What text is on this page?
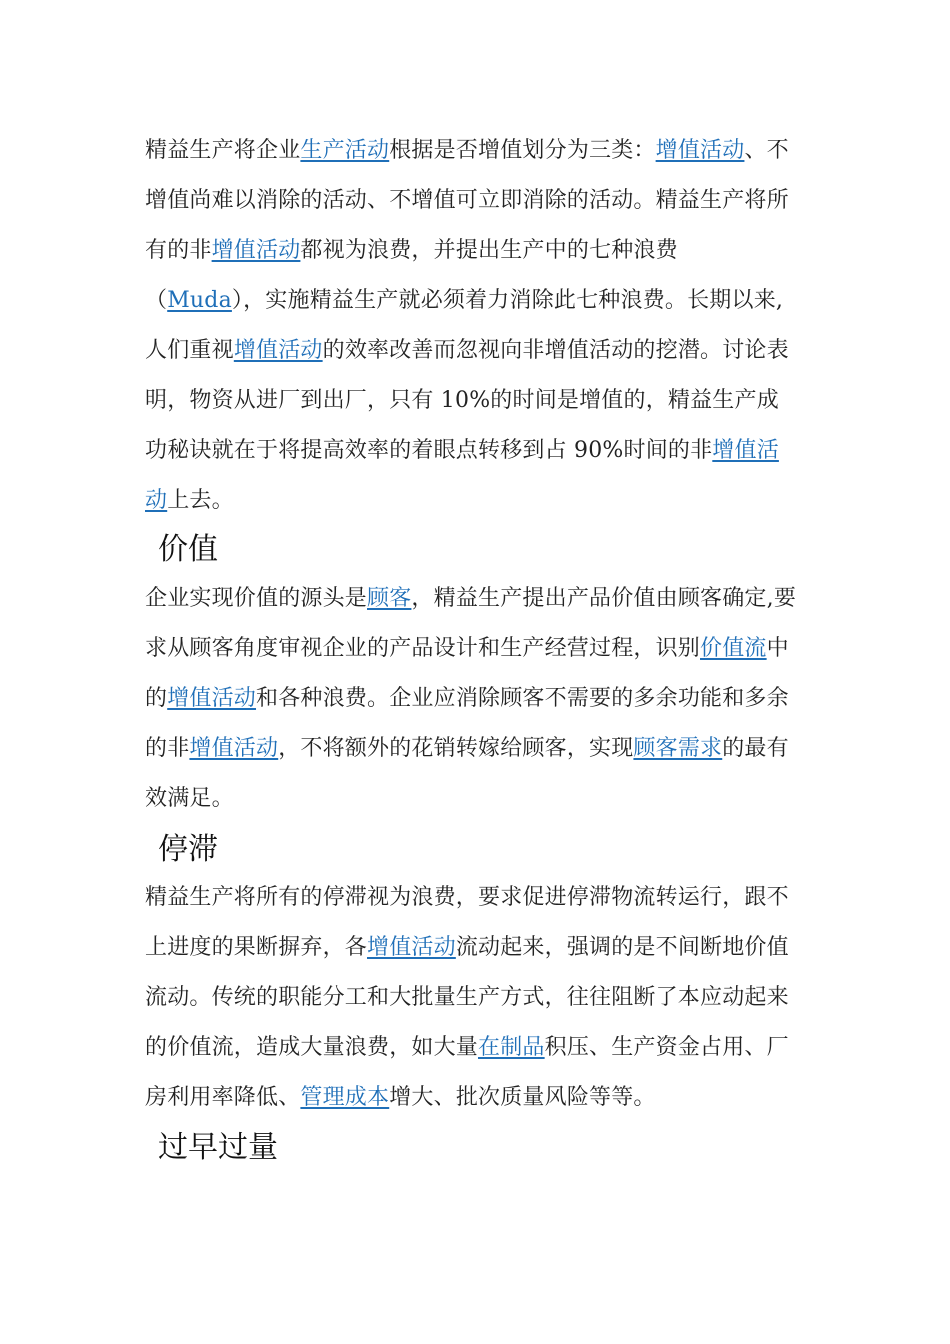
精益生产将企业生产活动根据是否增值划分为三类：增值活动、不增值尚难以消除的活动、不增值可立即消除的活动。精益生产将所有的非增值活动都视为浪费，并提出生产中的七种浪费
（Muda），实施精益生产就必须着力消除此七种浪费。长期以来,人们重视增值活动的效率改善而忽视向非增值活动的挖潜。讨论表明，物资从进厂到出厂，只有 10%的时间是增值的，精益生产成功秘诀就在于将提高效率的着眼点转移到占 90%时间的非增值活动上去。

价值

企业实现价值的源头是顾客，精益生产提出产品价值由顾客确定,要求从顾客角度审视企业的产品设计和生产经营过程，识别价值流中的增值活动和各种浪费。企业应消除顾客不需要的多余功能和多余的非增值活动，不将额外的花销转嫁给顾客，实现顾客需求的最有效满足。

停滞

精益生产将所有的停滞视为浪费，要求促进停滞物流转运行，跟不上进度的果断摒弃，各增值活动流动起来，强调的是不间断地价值流动。传统的职能分工和大批量生产方式，往往阻断了本应动起来的价值流，造成大量浪费，如大量在制品积压、生产资金占用、厂房利用率降低、管理成本增大、批次质量风险等等。

过早过量
